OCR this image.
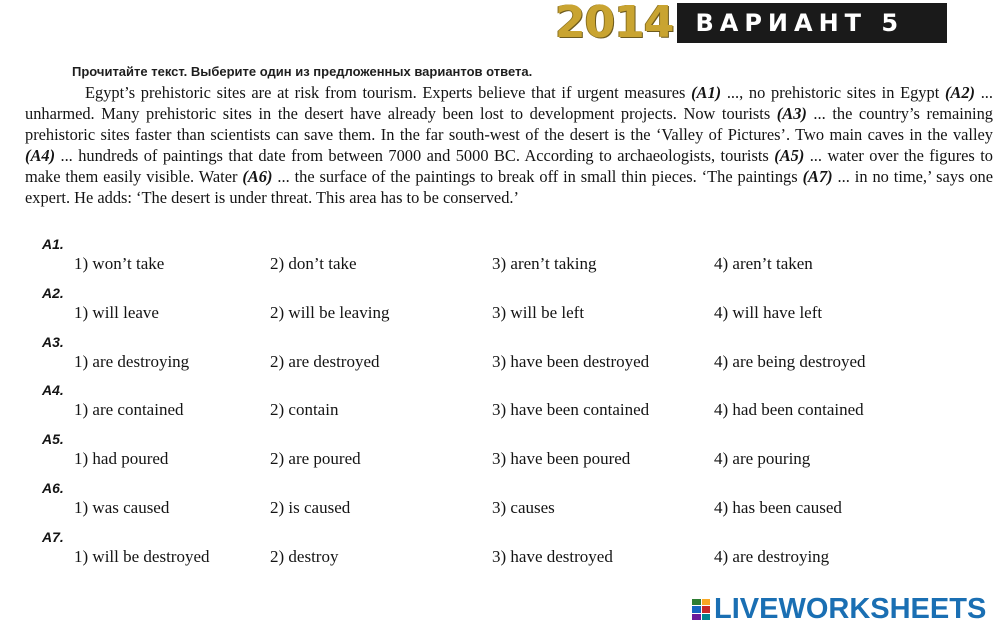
2014 ВАРИАНТ 5
Прочитайте текст. Выберите один из предложенных вариантов ответа.

Egypt’s prehistoric sites are at risk from tourism. Experts believe that if urgent measures (A1) ..., no prehistoric sites in Egypt (A2) ... unharmed. Many prehistoric sites in the desert have already been lost to development projects. Now tourists (A3) ... the country’s remaining prehistoric sites faster than scientists can save them. In the far south-west of the desert is the ‘Valley of Pictures’. Two main caves in the valley (A4) ... hundreds of paintings that date from between 7000 and 5000 BC. According to archaeologists, tourists (A5) ... water over the figures to make them easily visible. Water (A6) ... the surface of the paintings to break off in small thin pieces. ‘The paintings (A7) ... in no time,’ says one expert. He adds: ‘The desert is under threat. This area has to be conserved.’

A1.
1) won’t take	2) don’t take	3) aren’t taking	4) aren’t taken
A2.
1) will leave	2) will be leaving	3) will be left	4) will have left
A3.
1) are destroying	2) are destroyed	3) have been destroyed	4) are being destroyed
A4.
1) are contained	2) contain	3) have been contained	4) had been contained
A5.
1) had poured	2) are poured	3) have been poured	4) are pouring
A6.
1) was caused	2) is caused	3) causes	4) has been caused
A7.
1) will be destroyed	2) destroy	3) have destroyed	4) are destroying
LIVEWORKSHEETS
